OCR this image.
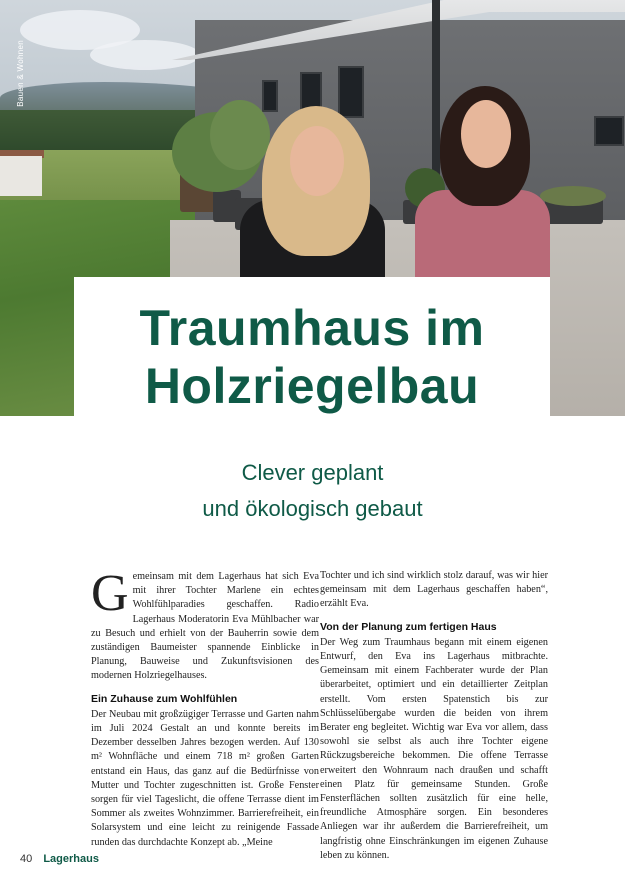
Bauen & Wohnen
Traumhaus im
Holzriegelbau
Clever geplant
und ökologisch gebaut

Gemeinsam mit dem Lagerhaus hat sich Eva mit ihrer Tochter Marlene ein echtes Wohlfühlparadies geschaffen. Radio Lagerhaus Moderatorin Eva Mühlbacher war zu Besuch und erhielt von der Bauherrin sowie dem zuständigen Baumeister spannende Einblicke in Planung, Bauweise und Zukunftsvisionen des modernen Holzriegelhauses.

Ein Zuhause zum Wohlfühlen

Der Neubau mit großzügiger Terrasse und Garten nahm im Juli 2024 Gestalt an und konnte bereits im Dezember desselben Jahres bezogen werden. Auf 130 m² Wohnfläche und einem 718 m² großen Garten entstand ein Haus, das ganz auf die Bedürfnisse von Mutter und Tochter zugeschnitten ist. Große Fenster sorgen für viel Tageslicht, die offene Terrasse dient im Sommer als zweites Wohnzimmer. Barrierefreiheit, ein Solarsystem und eine leicht zu reinigende Fassade runden das durchdachte Konzept ab. „Meine

Tochter und ich sind wirklich stolz darauf, was wir hier gemeinsam mit dem Lagerhaus geschaffen haben“, erzählt Eva.

Von der Planung zum fertigen Haus

Der Weg zum Traumhaus begann mit einem eigenen Entwurf, den Eva ins Lagerhaus mitbrachte. Gemeinsam mit einem Fachberater wurde der Plan überarbeitet, optimiert und ein detaillierter Zeitplan erstellt. Vom ersten Spatenstich bis zur Schlüsselübergabe wurden die beiden von ihrem Berater eng begleitet. Wichtig war Eva vor allem, dass sowohl sie selbst als auch ihre Tochter eigene Rückzugsbereiche bekommen. Die offene Terrasse erweitert den Wohnraum nach draußen und schafft einen Platz für gemeinsame Stunden. Große Fensterflächen sollten zusätzlich für eine helle, freundliche Atmosphäre sorgen. Ein besonderes Anliegen war ihr außerdem die Barrierefreiheit, um langfristig ohne Einschränkungen im eigenen Zuhause leben zu können.

40 Lagerhaus
